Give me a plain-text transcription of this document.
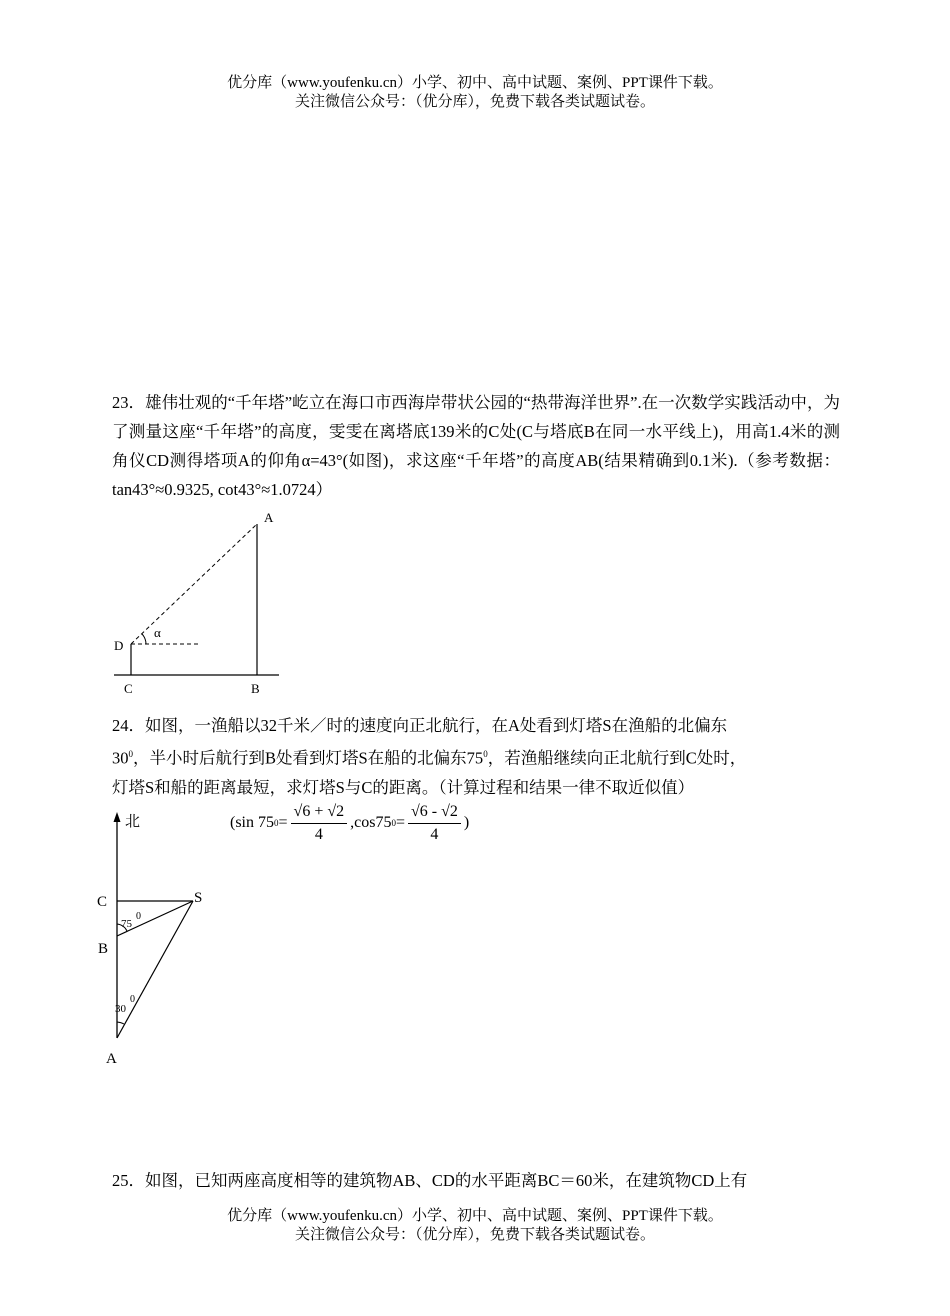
优分库（www.youfenku.cn）小学、初中、高中试题、案例、PPT课件下载。
关注微信公众号：（优分库），免费下载各类试题试卷。
23．雄伟壮观的“千年塔”屹立在海口市西海岸带状公园的“热带海洋世界”.在一次数学实践活动中，为了测量这座“千年塔”的高度，雯雯在离塔底139米的C处(C与塔底B在同一水平线上)，用高1.4米的测角仪CD测得塔项A的仰角α=43°(如图)，求这座“千年塔”的高度AB(结果精确到0.1米).（参考数据：tan43°≈0.9325, cot43°≈1.0724）
A
D
α
C	B
24．如图，一渔船以32千米／时的速度向正北航行，在A处看到灯塔S在渔船的北偏东
$30^0$，半小时后航行到B处看到灯塔S在船的北偏东$75^0$，若渔船继续向正北航行到C处时，
灯塔S和船的距离最短，求灯塔S与C的距离。（计算过程和结果一律不取近似值）
(sin 75 $0 = \frac{√6 + √2}{4} ,\cos 75$ $0 = \frac{√6 - √2}{4}$ )
北
C	S
B
A
75
0
30
0
25．如图，已知两座高度相等的建筑物AB、CD的水平距离BC＝60米，在建筑物CD上有
优分库（www.youfenku.cn）小学、初中、高中试题、案例、PPT课件下载。
关注微信公众号：（优分库），免费下载各类试题试卷。
